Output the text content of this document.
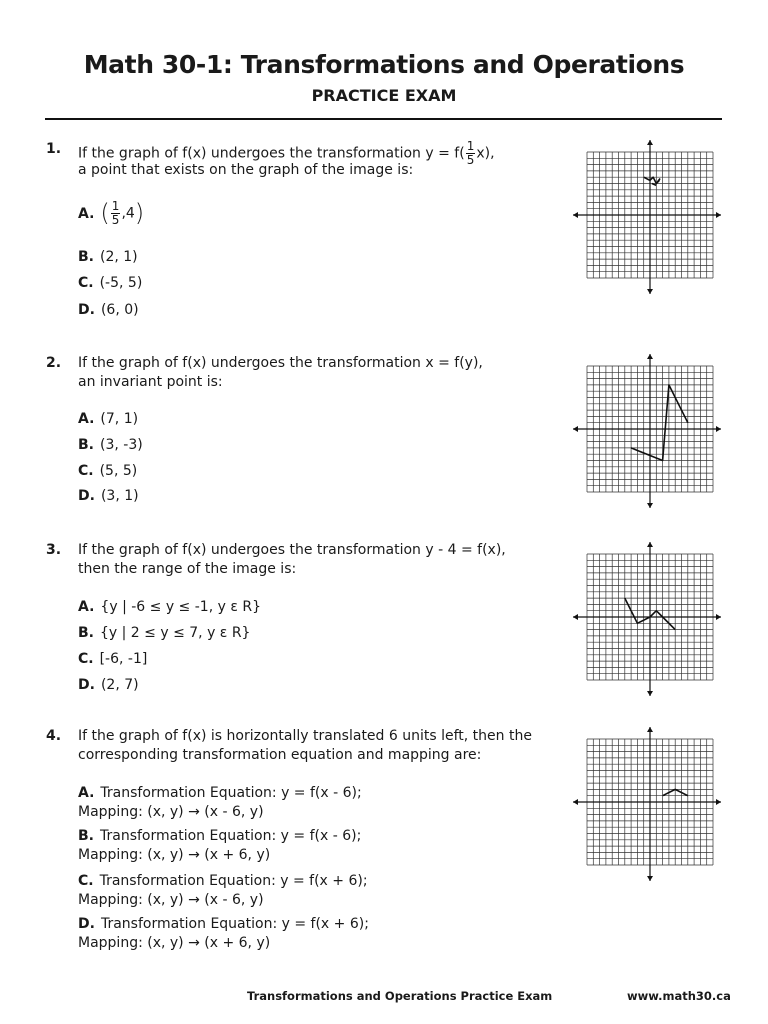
Math 30-1: Transformations and Operations
PRACTICE EXAM
1. If the graph of f(x) undergoes the transformation $y = f( \frac{1}{5} x)$,
a point that exists on the graph of the image is:
A. ( $\frac{1}{5} ,4$)
B. (2, 1)
C. (-5, 5)
D. (6, 0)
2. If the graph of f(x) undergoes the transformation x = f(y),
an invariant point is:
A. (7, 1)
B. (3, -3)
C. (5, 5)
D. (3, 1)
3. If the graph of f(x) undergoes the transformation y - 4 = f(x),
then the range of the image is:
A. {y | -6 ≤ y ≤ -1, y ε R}
B. {y | 2 ≤ y ≤ 7, y ε R}
C. [-6, -1]
D. (2, 7)
4. If the graph of f(x) is horizontally translated 6 units left, then the
corresponding transformation equation and mapping are:
A. Transformation Equation: y = f(x - 6);
Mapping: (x, y) → (x - 6, y)
B. Transformation Equation: y = f(x - 6);
Mapping: (x, y) → (x + 6, y)
C. Transformation Equation: y = f(x + 6);
Mapping: (x, y) → (x - 6, y)
D. Transformation Equation: y = f(x + 6);
Mapping: (x, y) → (x + 6, y)
Transformations and Operations Practice Exam	www.math30.ca
